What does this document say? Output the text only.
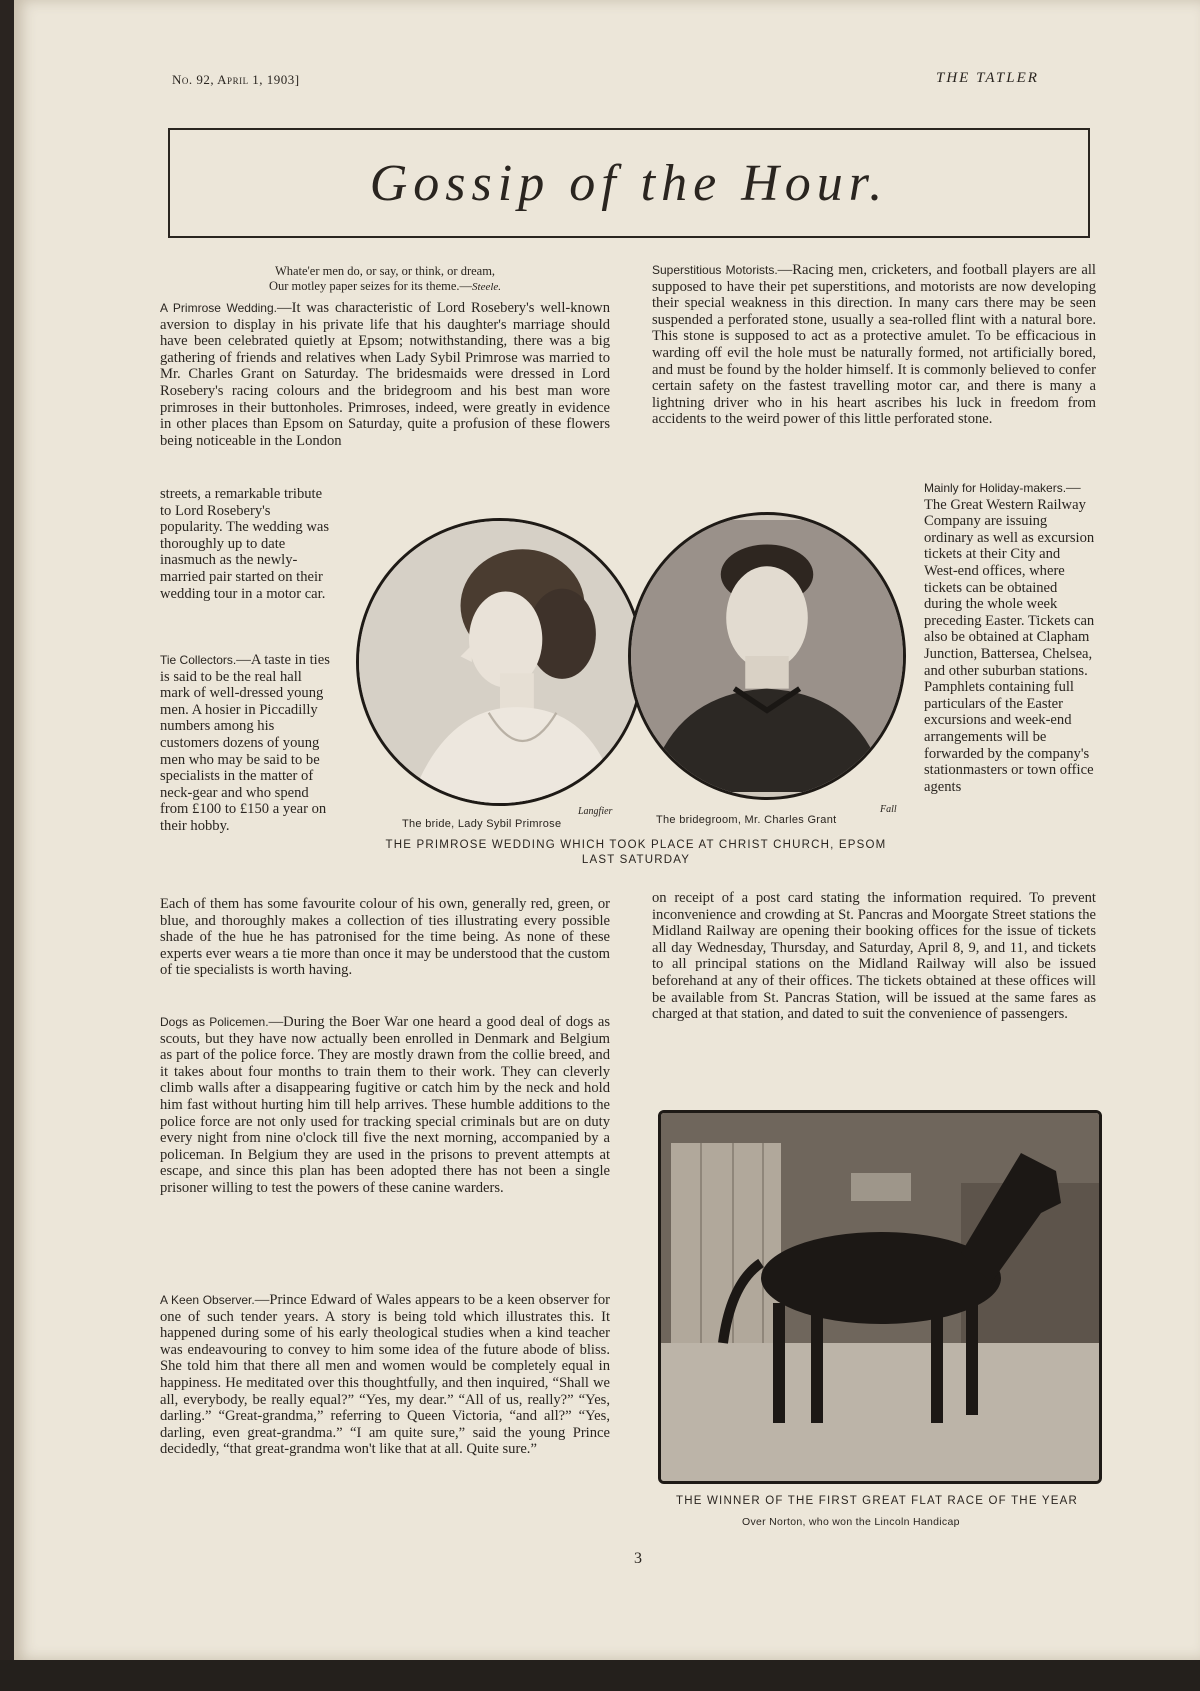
No. 92, April 1, 1903]	THE TATLER
Gossip of the Hour.
Whate'er men do, or say, or think, or dream,
Our motley paper seizes for its theme.—Steele.

A Primrose Wedding.—It was characteristic of Lord Rosebery's well-known aversion to display in his private life that his daughter's marriage should have been celebrated quietly at Epsom; notwithstanding, there was a big gathering of friends and relatives when Lady Sybil Primrose was married to Mr. Charles Grant on Saturday. The bridesmaids were dressed in Lord Rosebery's racing colours and the bridegroom and his best man wore primroses in their buttonholes. Primroses, indeed, were greatly in evidence in other places than Epsom on Saturday, quite a profusion of these flowers being noticeable in the London

streets, a remarkable tribute to Lord Rosebery's popularity. The wedding was thoroughly up to date inasmuch as the newly-married pair started on their wedding tour in a motor car.

Tie Collectors.—A taste in ties is said to be the real hall mark of well-dressed young men. A hosier in Piccadilly numbers among his customers dozens of young men who may be said to be specialists in the matter of neck-gear and who spend from £100 to £150 a year on their hobby.

Each of them has some favourite colour of his own, generally red, green, or blue, and thoroughly makes a collection of ties illustrating every possible shade of the hue he has patronised for the time being. As none of these experts ever wears a tie more than once it may be understood that the custom of tie specialists is worth having.

Dogs as Policemen.—During the Boer War one heard a good deal of dogs as scouts, but they have now actually been enrolled in Denmark and Belgium as part of the police force. They are mostly drawn from the collie breed, and it takes about four months to train them to their work. They can cleverly climb walls after a disappearing fugitive or catch him by the neck and hold him fast without hurting him till help arrives. These humble additions to the police force are not only used for tracking special criminals but are on duty every night from nine o'clock till five the next morning, accompanied by a policeman. In Belgium they are used in the prisons to prevent attempts at escape, and since this plan has been adopted there has not been a single prisoner willing to test the powers of these canine warders.

A Keen Observer.—Prince Edward of Wales appears to be a keen observer for one of such tender years. A story is being told which illustrates this. It happened during some of his early theological studies when a kind teacher was endeavouring to convey to him some idea of the future abode of bliss. She told him that there all men and women would be completely equal in happiness. He meditated over this thoughtfully, and then inquired, “Shall we all, everybody, be really equal?” “Yes, my dear.” “All of us, really?” “Yes, darling.” “Great-grandma,” referring to Queen Victoria, “and all?” “Yes, darling, even great-grandma.” “I am quite sure,” said the young Prince decidedly, “that great-grandma won't like that at all. Quite sure.”

Superstitious Motorists.—Racing men, cricketers, and football players are all supposed to have their pet superstitions, and motorists are now developing their special weakness in this direction. In many cars there may be seen suspended a perforated stone, usually a sea-rolled flint with a natural bore. This stone is supposed to act as a protective amulet. To be efficacious in warding off evil the hole must be naturally formed, not artificially bored, and must be found by the holder himself. It is commonly believed to confer certain safety on the fastest travelling motor car, and there is many a lightning driver who in his heart ascribes his luck in freedom from accidents to the weird power of this little perforated stone.

Mainly for Holiday-makers.—The Great Western Railway Company are issuing ordinary as well as excursion tickets at their City and West-end offices, where tickets can be obtained during the whole week preceding Easter. Tickets can also be obtained at Clapham Junction, Battersea, Chelsea, and other suburban stations. Pamphlets containing full particulars of the Easter excursions and week-end arrangements will be forwarded by the company's stationmasters or town office agents

on receipt of a post card stating the information required. To prevent inconvenience and crowding at St. Pancras and Moorgate Street stations the Midland Railway are opening their booking offices for the issue of tickets all day Wednesday, Thursday, and Saturday, April 8, 9, and 11, and tickets to all principal stations on the Midland Railway will also be issued beforehand at any of their offices. The tickets obtained at these offices will be available from St. Pancras Station, will be issued at the same fares as charged at that station, and dated to suit the convenience of passengers.

Langfier	Fall
The bride, Lady Sybil Primrose	The bridegroom, Mr. Charles Grant
THE PRIMROSE WEDDING WHICH TOOK PLACE AT CHRIST CHURCH, EPSOM
LAST SATURDAY
THE WINNER OF THE FIRST GREAT FLAT RACE OF THE YEAR
Over Norton, who won the Lincoln Handicap
3
